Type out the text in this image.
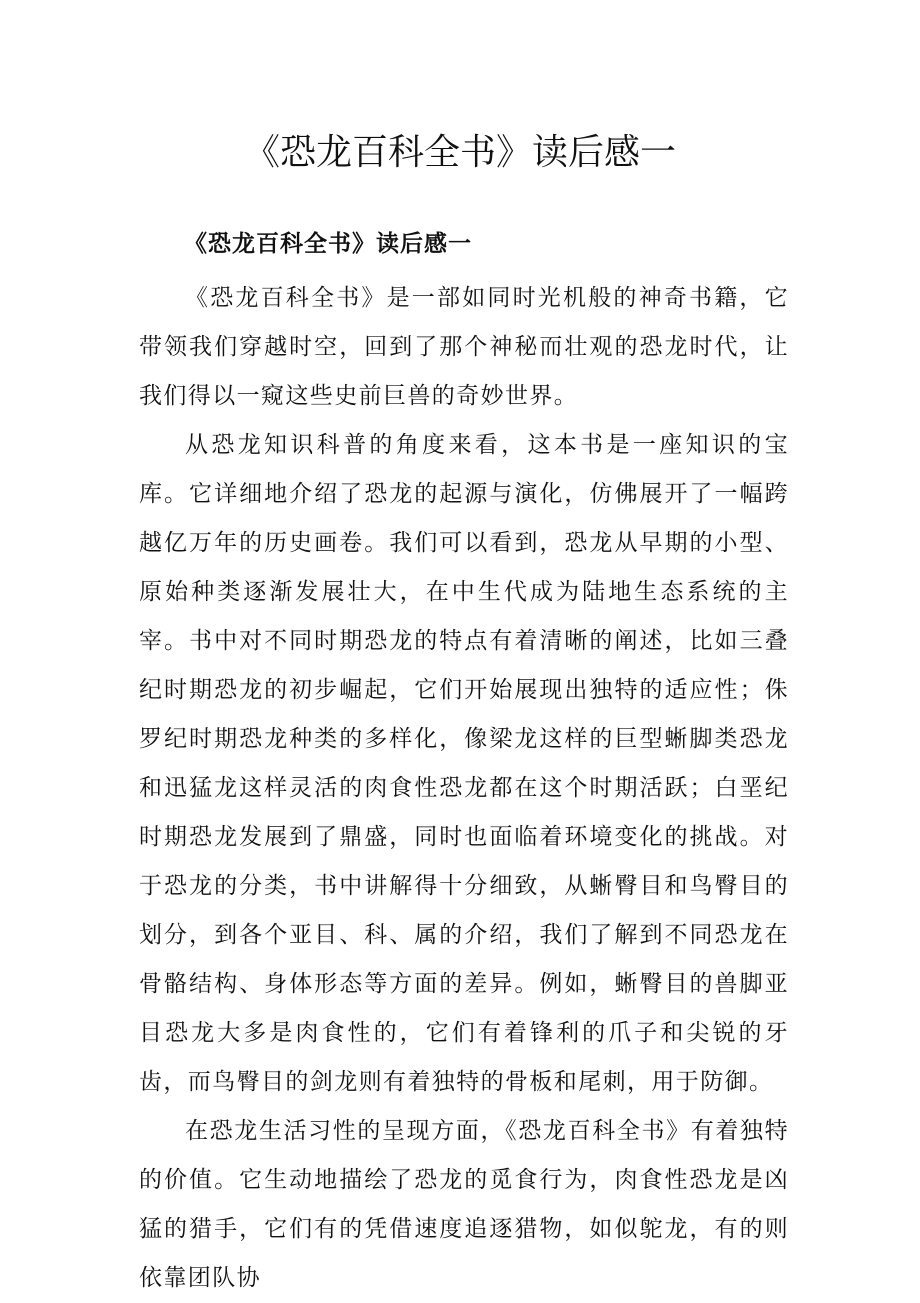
《恐龙百科全书》读后感一

《恐龙百科全书》读后感一

《恐龙百科全书》是一部如同时光机般的神奇书籍，它带领我们穿越时空，回到了那个神秘而壮观的恐龙时代，让我们得以一窥这些史前巨兽的奇妙世界。

从恐龙知识科普的角度来看，这本书是一座知识的宝库。它详细地介绍了恐龙的起源与演化，仿佛展开了一幅跨越亿万年的历史画卷。我们可以看到，恐龙从早期的小型、原始种类逐渐发展壮大，在中生代成为陆地生态系统的主宰。书中对不同时期恐龙的特点有着清晰的阐述，比如三叠纪时期恐龙的初步崛起，它们开始展现出独特的适应性；侏罗纪时期恐龙种类的多样化，像梁龙这样的巨型蜥脚类恐龙和迅猛龙这样灵活的肉食性恐龙都在这个时期活跃；白垩纪时期恐龙发展到了鼎盛，同时也面临着环境变化的挑战。对于恐龙的分类，书中讲解得十分细致，从蜥臀目和鸟臀目的划分，到各个亚目、科、属的介绍，我们了解到不同恐龙在骨骼结构、身体形态等方面的差异。例如，蜥臀目的兽脚亚目恐龙大多是肉食性的，它们有着锋利的爪子和尖锐的牙齿，而鸟臀目的剑龙则有着独特的骨板和尾刺，用于防御。

在恐龙生活习性的呈现方面，《恐龙百科全书》有着独特的价值。它生动地描绘了恐龙的觅食行为，肉食性恐龙是凶猛的猎手，它们有的凭借速度追逐猎物，如似鸵龙，有的则依靠团队协
